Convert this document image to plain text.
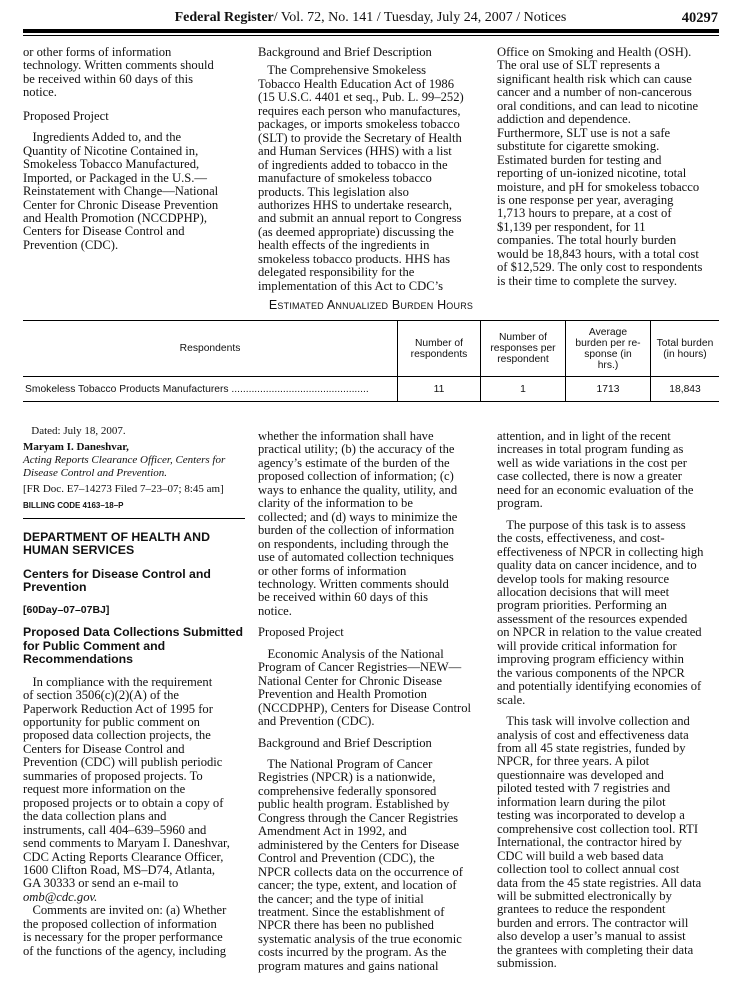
Federal Register/ Vol. 72, No. 141 / Tuesday, July 24, 2007 / Notices	40297

or other forms of information
technology. Written comments should
be received within 60 days of this
notice.

Proposed Project

Ingredients Added to, and the
Quantity of Nicotine Contained in,
Smokeless Tobacco Manufactured,
Imported, or Packaged in the U.S.—
Reinstatement with Change—National
Center for Chronic Disease Prevention
and Health Promotion (NCCDPHP),
Centers for Disease Control and
Prevention (CDC).

Background and Brief Description

The Comprehensive Smokeless
Tobacco Health Education Act of 1986
(15 U.S.C. 4401 et seq., Pub. L. 99–252)
requires each person who manufactures,
packages, or imports smokeless tobacco
(SLT) to provide the Secretary of Health
and Human Services (HHS) with a list
of ingredients added to tobacco in the
manufacture of smokeless tobacco
products. This legislation also
authorizes HHS to undertake research,
and submit an annual report to Congress
(as deemed appropriate) discussing the
health effects of the ingredients in
smokeless tobacco products. HHS has
delegated responsibility for the
implementation of this Act to CDC’s

Office on Smoking and Health (OSH).
The oral use of SLT represents a
significant health risk which can cause
cancer and a number of non-cancerous
oral conditions, and can lead to nicotine
addiction and dependence.
Furthermore, SLT use is not a safe
substitute for cigarette smoking.
Estimated burden for testing and
reporting of un-ionized nicotine, total
moisture, and pH for smokeless tobacco
is one response per year, averaging
1,713 hours to prepare, at a cost of
$1,139 per respondent, for 11
companies. The total hourly burden
would be 18,843 hours, with a total cost
of $12,529. The only cost to respondents
is their time to complete the survey.

Estimated Annualized Burden Hours
Respondents	Number of
respondents	Number of
responses per
respondent	Average
burden per re-
sponse (in
hrs.)	Total burden
(in hours)
Smokeless Tobacco Products Manufacturers ................................................	11	1	1713	18,843

Dated: July 18, 2007.

Maryam I. Daneshvar,

Acting Reports Clearance Officer, Centers for
Disease Control and Prevention.

[FR Doc. E7–14273 Filed 7–23–07; 8:45 am]

BILLING CODE 4163–18–P

DEPARTMENT OF HEALTH AND
HUMAN SERVICES

Centers for Disease Control and
Prevention

[60Day–07–07BJ]

Proposed Data Collections Submitted
for Public Comment and
Recommendations

In compliance with the requirement
of section 3506(c)(2)(A) of the
Paperwork Reduction Act of 1995 for
opportunity for public comment on
proposed data collection projects, the
Centers for Disease Control and
Prevention (CDC) will publish periodic
summaries of proposed projects. To
request more information on the
proposed projects or to obtain a copy of
the data collection plans and
instruments, call 404–639–5960 and
send comments to Maryam I. Daneshvar,
CDC Acting Reports Clearance Officer,
1600 Clifton Road, MS–D74, Atlanta,
GA 30333 or send an e-mail to

omb@cdc.gov.

Comments are invited on: (a) Whether
the proposed collection of information
is necessary for the proper performance
of the functions of the agency, including

whether the information shall have
practical utility; (b) the accuracy of the
agency’s estimate of the burden of the
proposed collection of information; (c)
ways to enhance the quality, utility, and
clarity of the information to be
collected; and (d) ways to minimize the
burden of the collection of information
on respondents, including through the
use of automated collection techniques
or other forms of information
technology. Written comments should
be received within 60 days of this
notice.

Proposed Project

Economic Analysis of the National
Program of Cancer Registries—NEW—
National Center for Chronic Disease
Prevention and Health Promotion
(NCCDPHP), Centers for Disease Control
and Prevention (CDC).

Background and Brief Description

The National Program of Cancer
Registries (NPCR) is a nationwide,
comprehensive federally sponsored
public health program. Established by
Congress through the Cancer Registries
Amendment Act in 1992, and
administered by the Centers for Disease
Control and Prevention (CDC), the
NPCR collects data on the occurrence of
cancer; the type, extent, and location of
the cancer; and the type of initial
treatment. Since the establishment of
NPCR there has been no published
systematic analysis of the true economic
costs incurred by the program. As the
program matures and gains national

attention, and in light of the recent
increases in total program funding as
well as wide variations in the cost per
case collected, there is now a greater
need for an economic evaluation of the
program.

The purpose of this task is to assess
the costs, effectiveness, and cost-
effectiveness of NPCR in collecting high
quality data on cancer incidence, and to
develop tools for making resource
allocation decisions that will meet
program priorities. Performing an
assessment of the resources expended
on NPCR in relation to the value created
will provide critical information for
improving program efficiency within
the various components of the NPCR
and potentially identifying economies of
scale.

This task will involve collection and
analysis of cost and effectiveness data
from all 45 state registries, funded by
NPCR, for three years. A pilot
questionnaire was developed and
piloted tested with 7 registries and
information learn during the pilot
testing was incorporated to develop a
comprehensive cost collection tool. RTI
International, the contractor hired by
CDC will build a web based data
collection tool to collect annual cost
data from the 45 state registries. All data
will be submitted electronically by
grantees to reduce the respondent
burden and errors. The contractor will
also develop a user’s manual to assist
the grantees with completing their data
submission.
